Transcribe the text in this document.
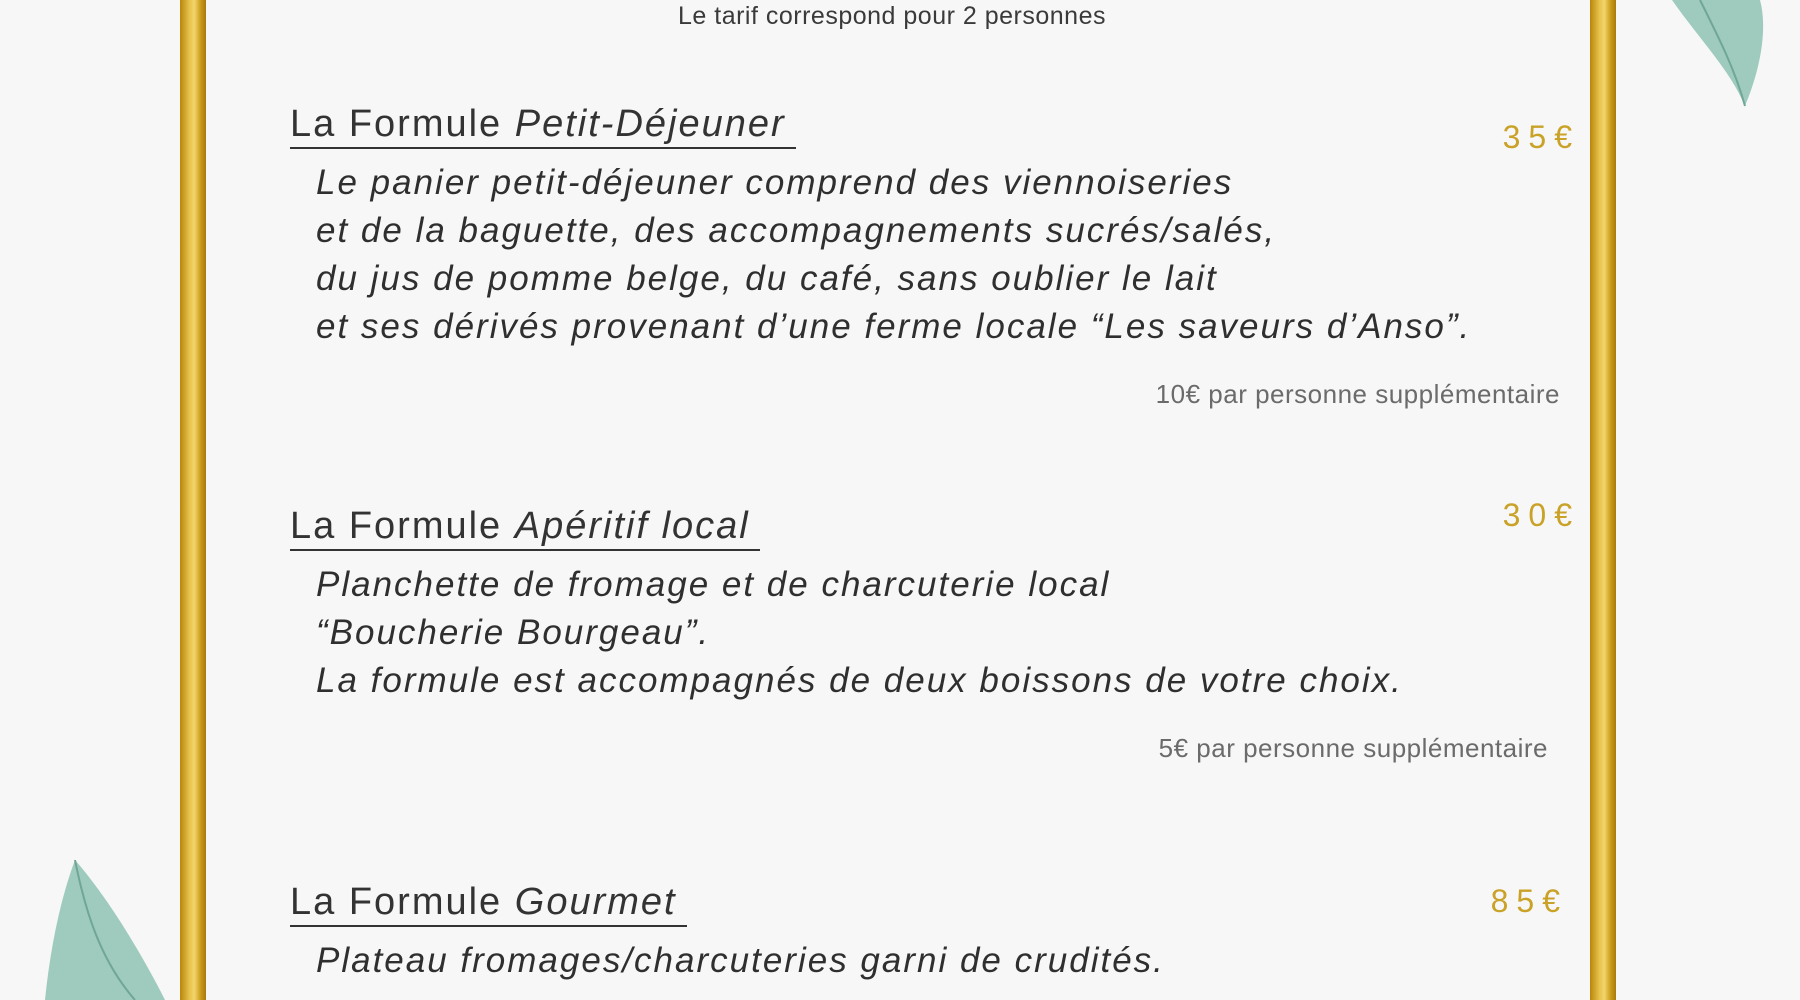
Le tarif correspond pour 2 personnes
La Formule Petit-Déjeuner	35€
Le panier petit-déjeuner comprend des viennoiseries
et de la baguette, des accompagnements sucrés/salés,
du jus de pomme belge, du café, sans oublier le lait
et ses dérivés provenant d’une ferme locale “Les saveurs d’Anso”.
10€ par personne supplémentaire
La Formule Apéritif local	30€
Planchette de fromage et de charcuterie local
“Boucherie Bourgeau”.
La formule est accompagnés de deux boissons de votre choix.
5€ par personne supplémentaire
La Formule Gourmet	85€
Plateau fromages/charcuteries garni de crudités.
